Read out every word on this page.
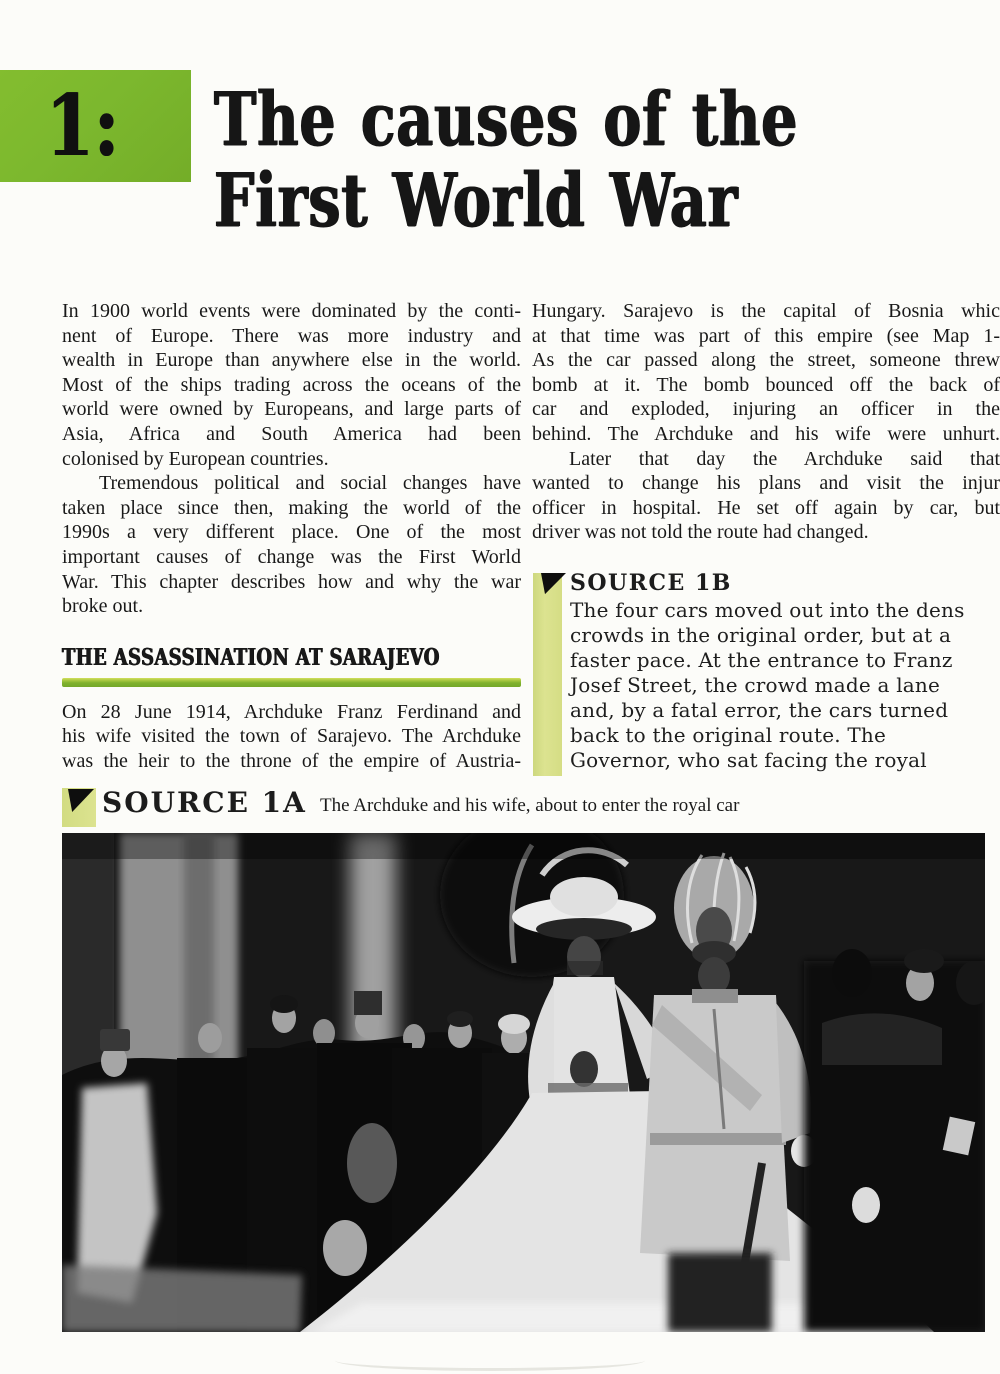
1: The causes of the
First World War
In 1900 world events were dominated by the conti-
nent of Europe. There was more industry and
wealth in Europe than anywhere else in the world.
Most of the ships trading across the oceans of the
world were owned by Europeans, and large parts of
Asia, Africa and South America had been
colonised by European countries.
Tremendous political and social changes have
taken place since then, making the world of the
1990s a very different place. One of the most
important causes of change was the First World
War. This chapter describes how and why the war
broke out.
THE ASSASSINATION AT SARAJEVO
On 28 June 1914, Archduke Franz Ferdinand and
his wife visited the town of Sarajevo. The Archduke
was the heir to the throne of the empire of Austria-
Hungary. Sarajevo is the capital of Bosnia whic
at that time was part of this empire (see Map 1-
As the car passed along the street, someone threw
bomb at it. The bomb bounced off the back of
car and exploded, injuring an officer in the
behind. The Archduke and his wife were unhurt.
Later that day the Archduke said that
wanted to change his plans and visit the injur
officer in hospital. He set off again by car, but
driver was not told the route had changed.
SOURCE 1B
The four cars moved out into the dens
crowds in the original order, but at a
faster pace. At the entrance to Franz
Josef Street, the crowd made a lane
and, by a fatal error, the cars turned
back to the original route. The
Governor, who sat facing the royal
SOURCE 1A The Archduke and his wife, about to enter the royal car
